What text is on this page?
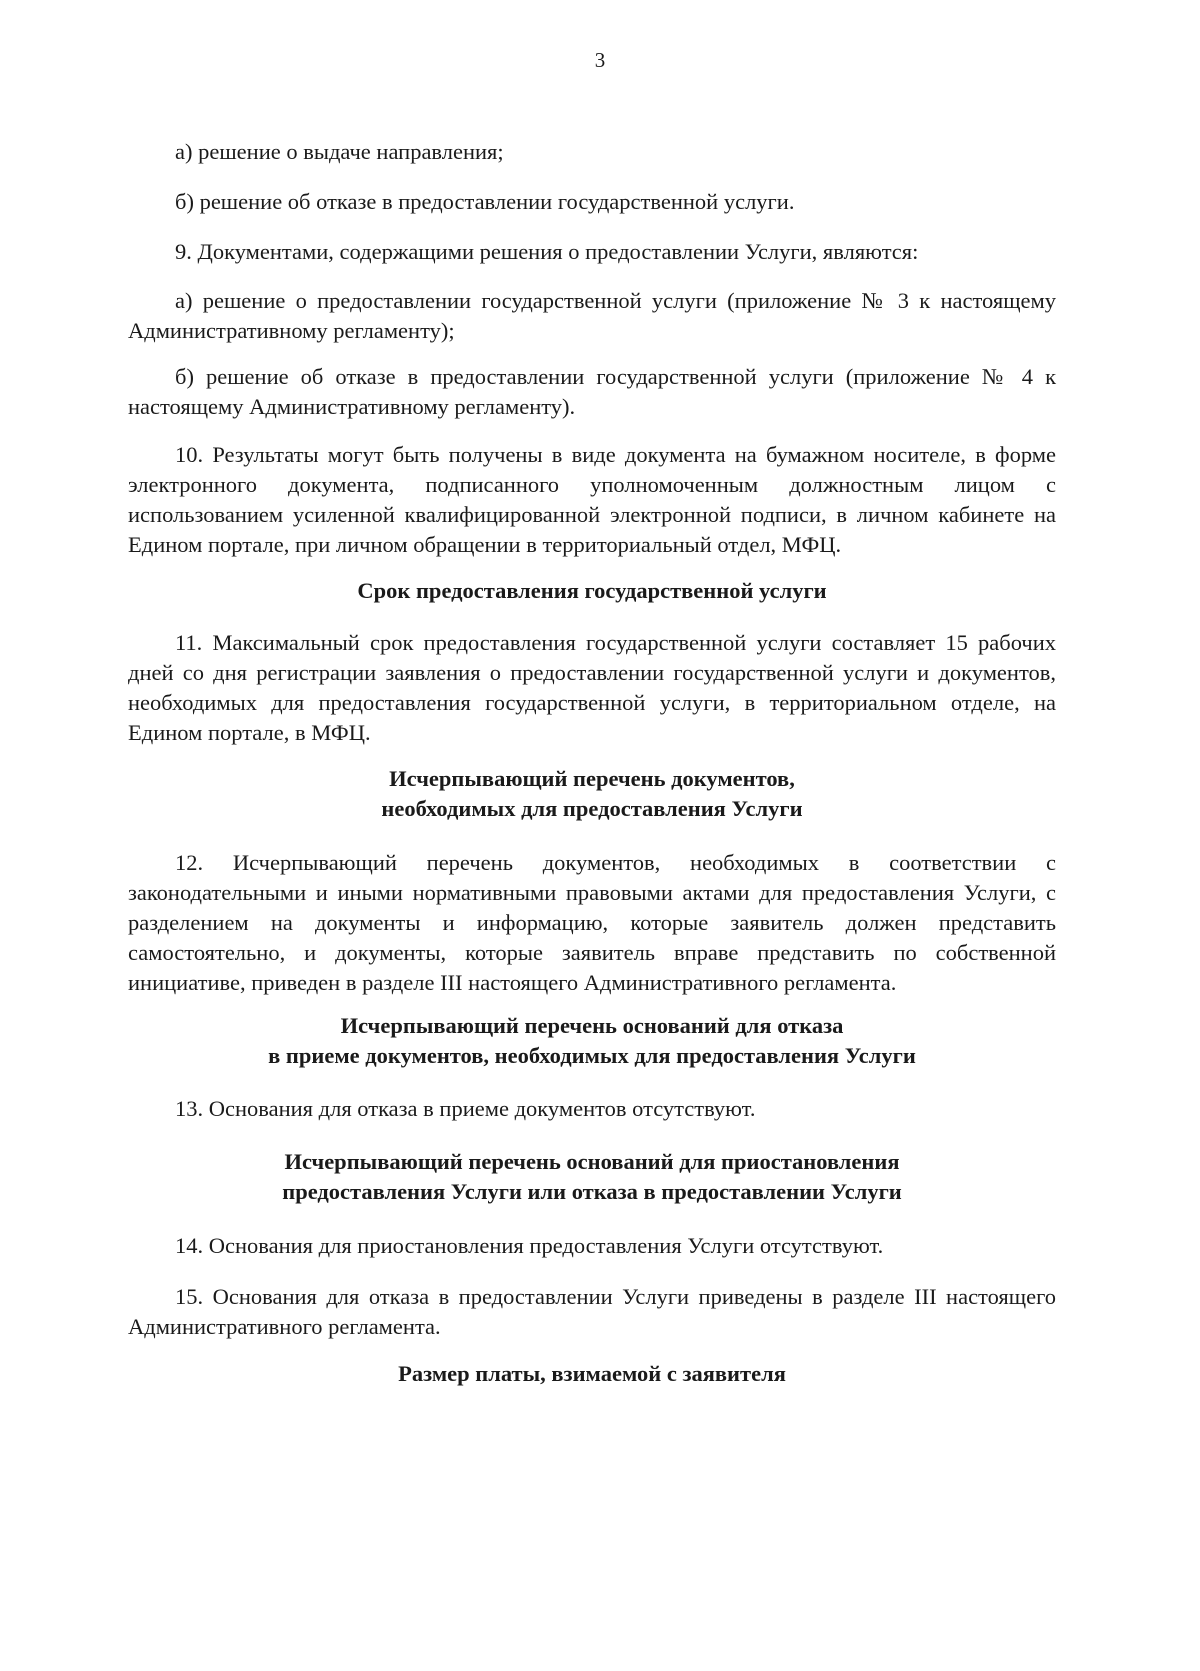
3

а) решение о выдаче направления;

б) решение об отказе в предоставлении государственной услуги.

9. Документами, содержащими решения о предоставлении Услуги, являются:

а) решение о предоставлении государственной услуги (приложение № 3 к настоящему Административному регламенту);

б) решение об отказе в предоставлении государственной услуги (приложение № 4 к настоящему Административному регламенту).

10. Результаты могут быть получены в виде документа на бумажном носителе, в форме электронного документа, подписанного уполномоченным должностным лицом с использованием усиленной квалифицированной электронной подписи, в личном кабинете на Едином портале, при личном обращении в территориальный отдел, МФЦ.

Срок предоставления государственной услуги

11. Максимальный срок предоставления государственной услуги составляет 15 рабочих дней со дня регистрации заявления о предоставлении государственной услуги и документов, необходимых для предоставления государственной услуги, в территориальном отделе, на Едином портале, в МФЦ.

Исчерпывающий перечень документов,
необходимых для предоставления Услуги

12. Исчерпывающий перечень документов, необходимых в соответствии с законодательными и иными нормативными правовыми актами для предоставления Услуги, с разделением на документы и информацию, которые заявитель должен представить самостоятельно, и документы, которые заявитель вправе представить по собственной инициативе, приведен в разделе III настоящего Административного регламента.

Исчерпывающий перечень оснований для отказа
в приеме документов, необходимых для предоставления Услуги

13. Основания для отказа в приеме документов отсутствуют.

Исчерпывающий перечень оснований для приостановления
предоставления Услуги или отказа в предоставлении Услуги

14. Основания для приостановления предоставления Услуги отсутствуют.

15. Основания для отказа в предоставлении Услуги приведены в разделе III настоящего Административного регламента.

Размер платы, взимаемой с заявителя
